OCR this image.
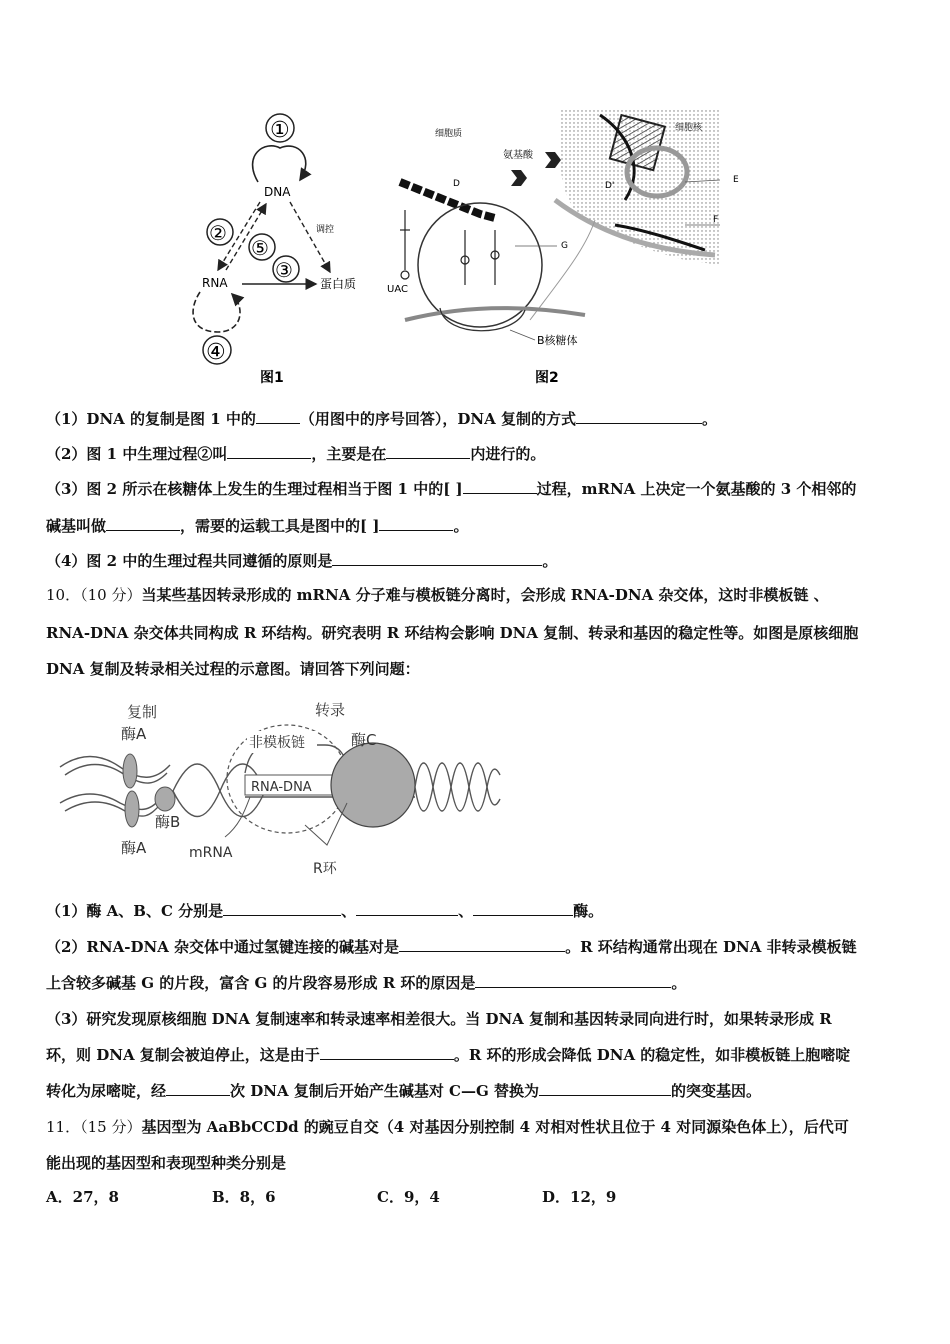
①
DNA
调控
②
⑤
③
RNA	蛋白质
④
图1
细胞核
D'
E
F
细胞质
氨基酸
D
G
UAC
B核糖体
图2
（1）DNA 的复制是图 1 中的	（用图中的序号回答），DNA 复制的方式	。
（2）图 1 中生理过程②叫	，主要是在	内进行的。
（3）图 2 所示在核糖体上发生的生理过程相当于图 1 中的[ ]	过程，mRNA 上决定一个氨基酸的 3 个相邻的
碱基叫做	，需要的运载工具是图中的[ ]	。
（4）图 2 中的生理过程共同遵循的原则是	。
10．（10 分）当某些基因转录形成的 mRNA 分子难与模板链分离时，会形成 RNA-DNA 杂交体，这时非模板链 、
RNA-DNA 杂交体共同构成 R 环结构。研究表明 R 环结构会影响 DNA 复制、转录和基因的稳定性等。如图是原核细胞
DNA 复制及转录相关过程的示意图。请回答下列问题：
复制	转录
酶A
酶B
酶A
非模板链
RNA-DNA
酶C
mRNA
R环
（1）酶 A、B、C 分别是	、	、	酶。
（2）RNA-DNA 杂交体中通过氢键连接的碱基对是	。R 环结构通常出现在 DNA 非转录模板链
上含较多碱基 G 的片段，富含 G 的片段容易形成 R 环的原因是	。
（3）研究发现原核细胞 DNA 复制速率和转录速率相差很大。当 DNA 复制和基因转录同向进行时，如果转录形成 R
环，则 DNA 复制会被迫停止，这是由于	。R 环的形成会降低 DNA 的稳定性，如非模板链上胞嘧啶
转化为尿嘧啶，经	次 DNA 复制后开始产生碱基对 C—G 替换为	的突变基因。
11．（15 分）基因型为 AaBbCCDd 的豌豆自交（4 对基因分别控制 4 对相对性状且位于 4 对同源染色体上），后代可
能出现的基因型和表现型种类分别是
A．27，8	B．8，6	C．9，4	D．12，9
